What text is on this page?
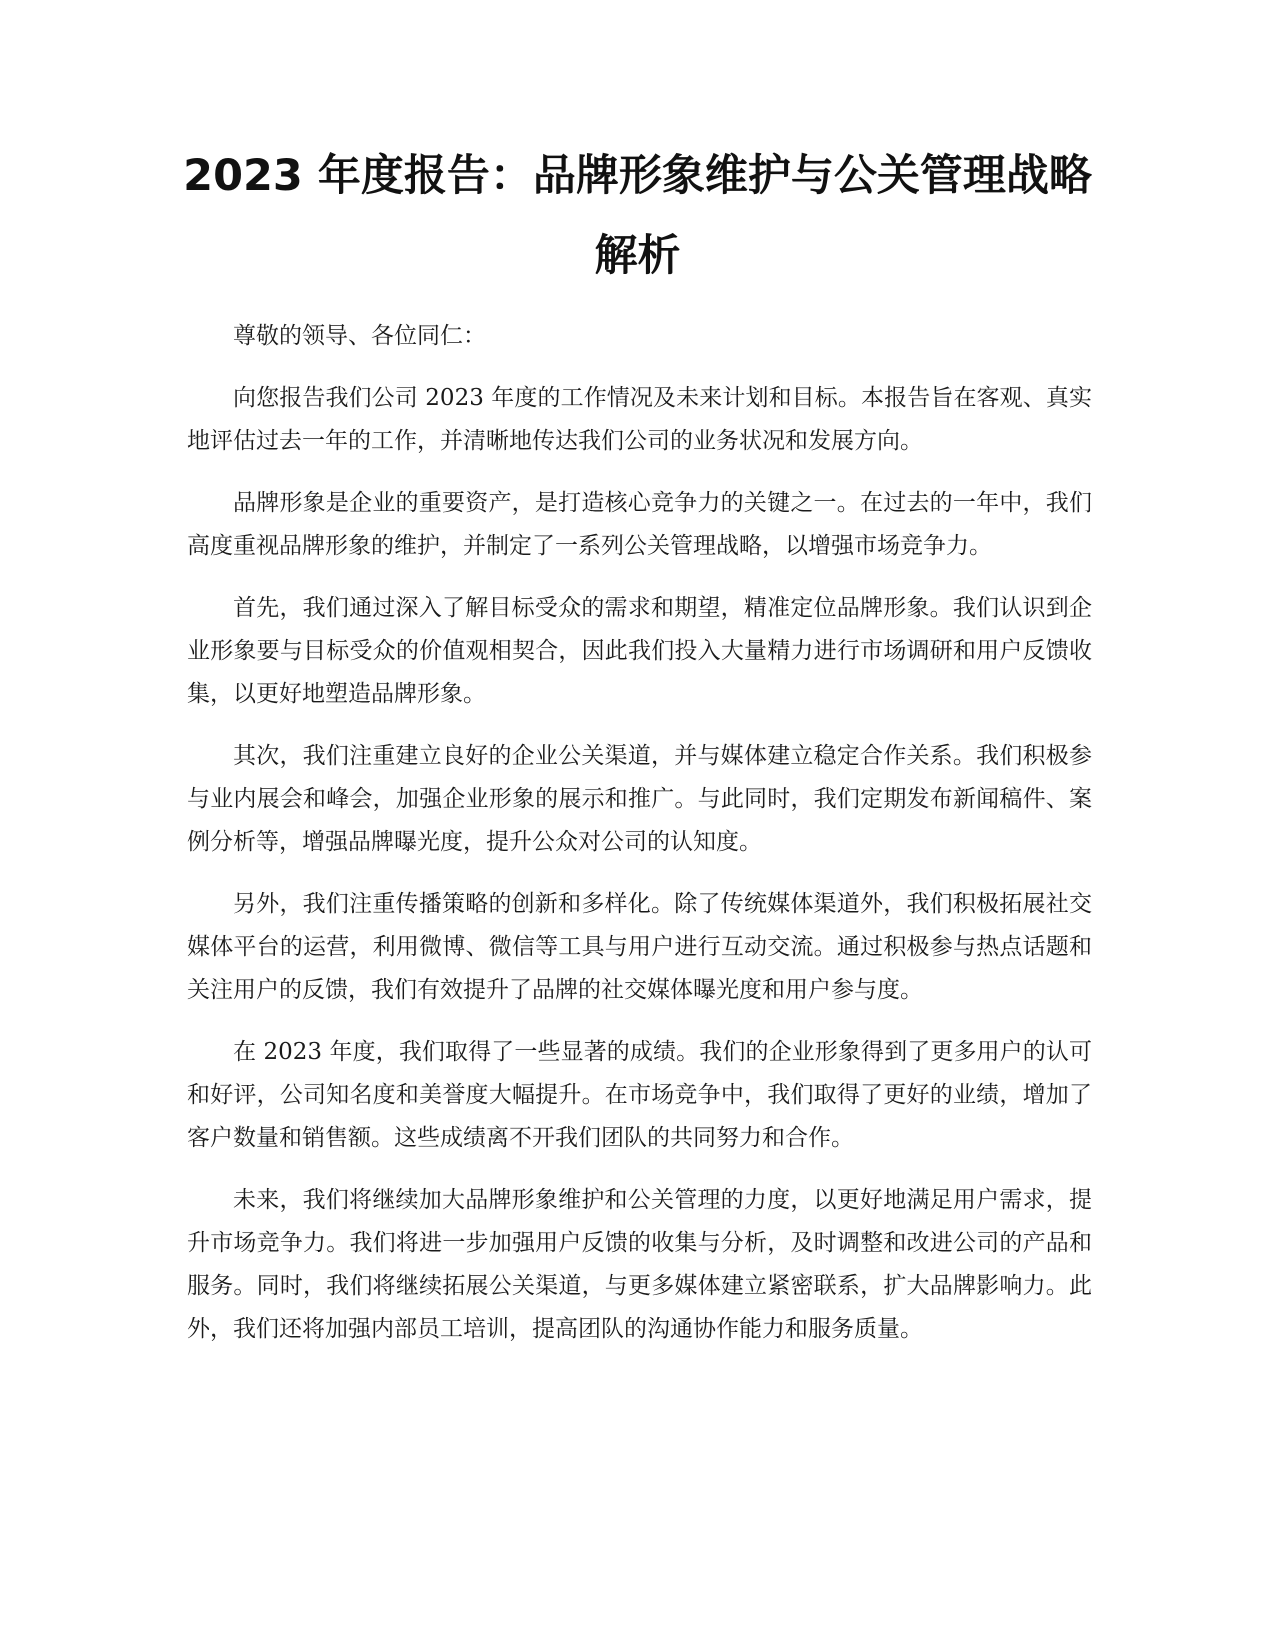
2023 年度报告：品牌形象维护与公关管理战略解析

尊敬的领导、各位同仁：

向您报告我们公司 2023 年度的工作情况及未来计划和目标。本报告旨在客观、真实地评估过去一年的工作，并清晰地传达我们公司的业务状况和发展方向。

品牌形象是企业的重要资产，是打造核心竞争力的关键之一。在过去的一年中，我们高度重视品牌形象的维护，并制定了一系列公关管理战略，以增强市场竞争力。

首先，我们通过深入了解目标受众的需求和期望，精准定位品牌形象。我们认识到企业形象要与目标受众的价值观相契合，因此我们投入大量精力进行市场调研和用户反馈收集，以更好地塑造品牌形象。

其次，我们注重建立良好的企业公关渠道，并与媒体建立稳定合作关系。我们积极参与业内展会和峰会，加强企业形象的展示和推广。与此同时，我们定期发布新闻稿件、案例分析等，增强品牌曝光度，提升公众对公司的认知度。

另外，我们注重传播策略的创新和多样化。除了传统媒体渠道外，我们积极拓展社交媒体平台的运营，利用微博、微信等工具与用户进行互动交流。通过积极参与热点话题和关注用户的反馈，我们有效提升了品牌的社交媒体曝光度和用户参与度。

在 2023 年度，我们取得了一些显著的成绩。我们的企业形象得到了更多用户的认可和好评，公司知名度和美誉度大幅提升。在市场竞争中，我们取得了更好的业绩，增加了客户数量和销售额。这些成绩离不开我们团队的共同努力和合作。

未来，我们将继续加大品牌形象维护和公关管理的力度，以更好地满足用户需求，提升市场竞争力。我们将进一步加强用户反馈的收集与分析，及时调整和改进公司的产品和服务。同时，我们将继续拓展公关渠道，与更多媒体建立紧密联系，扩大品牌影响力。此外，我们还将加强内部员工培训，提高团队的沟通协作能力和服务质量。
